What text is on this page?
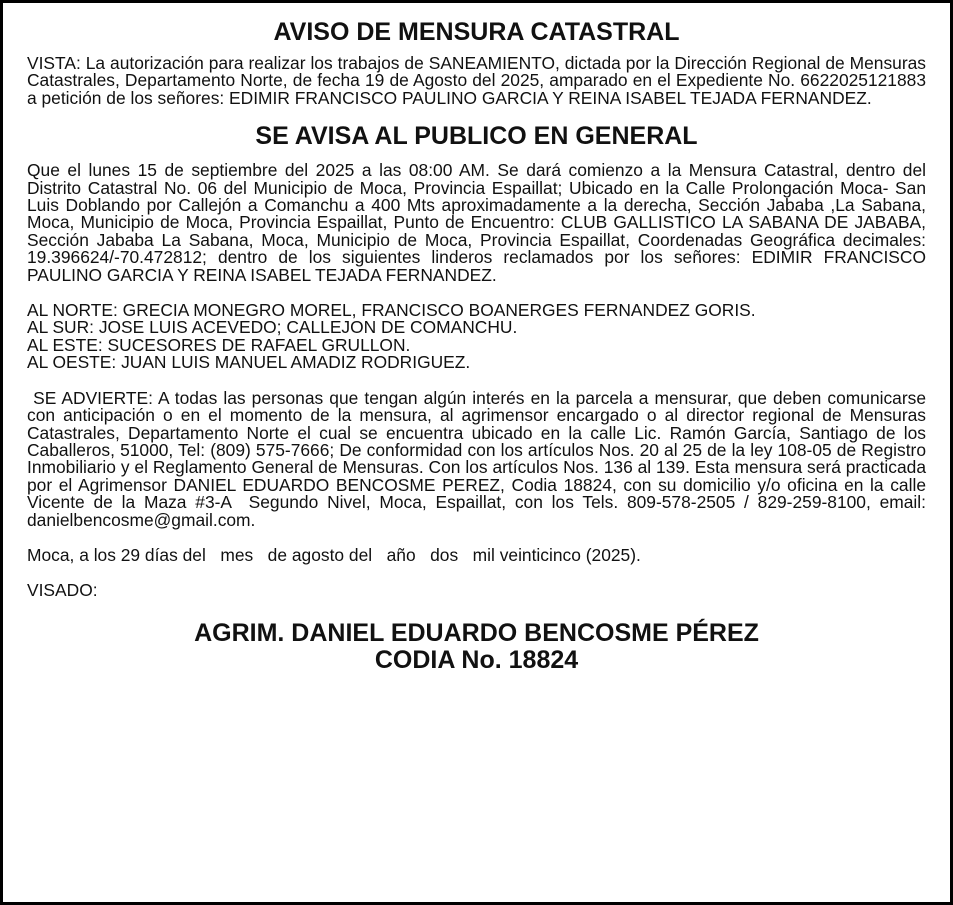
AVISO DE MENSURA CATASTRAL

VISTA: La autorización para realizar los trabajos de SANEAMIENTO, dictada por la Dirección Regional de Mensuras Catastrales, Departamento Norte, de fecha 19 de Agosto del 2025, amparado en el Expediente No. 6622025121883 a petición de los señores: EDIMIR FRANCISCO PAULINO GARCIA Y REINA ISABEL TEJADA FERNANDEZ.

SE AVISA AL PUBLICO EN GENERAL

Que el lunes 15 de septiembre del 2025 a las 08:00 AM. Se dará comienzo a la Mensura Catastral, dentro del Distrito Catastral No. 06 del Municipio de Moca, Provincia Espaillat; Ubicado en la Calle Prolongación Moca- San Luis Doblando por Callejón a Comanchu a 400 Mts aproximadamente a la derecha, Sección Jababa ,La Sabana, Moca, Municipio de Moca, Provincia Espaillat, Punto de Encuentro: CLUB GALLISTICO LA SABANA DE JABABA, Sección Jababa La Sabana, Moca, Municipio de Moca, Provincia Espaillat, Coordenadas Geográfica decimales: 19.396624/-70.472812; dentro de los siguientes linderos reclamados por los señores: EDIMIR FRANCISCO PAULINO GARCIA Y REINA ISABEL TEJADA FERNANDEZ.

AL NORTE: GRECIA MONEGRO MOREL, FRANCISCO BOANERGES FERNANDEZ GORIS.
AL SUR: JOSE LUIS ACEVEDO; CALLEJON DE COMANCHU.
AL ESTE: SUCESORES DE RAFAEL GRULLON.
AL OESTE: JUAN LUIS MANUEL AMADIZ RODRIGUEZ.

SE ADVIERTE: A todas las personas que tengan algún interés en la parcela a mensurar, que deben comunicarse con anticipación o en el momento de la mensura, al agrimensor encargado o al director regional de Mensuras Catastrales, Departamento Norte el cual se encuentra ubicado en la calle Lic. Ramón García, Santiago de los Caballeros, 51000, Tel: (809) 575-7666; De conformidad con los artículos Nos. 20 al 25 de la ley 108-05 de Registro Inmobiliario y el Reglamento General de Mensuras. Con los artículos Nos. 136 al 139. Esta mensura será practicada por el Agrimensor DANIEL EDUARDO BENCOSME PEREZ, Codia 18824, con su domicilio y/o oficina en la calle Vicente de la Maza #3-A  Segundo Nivel, Moca, Espaillat, con los Tels. 809-578-2505 / 829-259-8100, email: danielbencosme@gmail.com.

Moca, a los 29 días del   mes   de agosto del   año   dos   mil veinticinco (2025).

VISADO:

AGRIM. DANIEL EDUARDO BENCOSME PÉREZ
CODIA No. 18824
